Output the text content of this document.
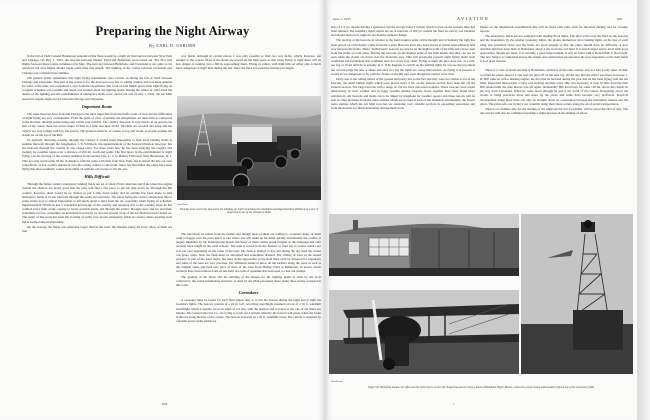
Preparing the Night Airway
By EARL D. OSBORN

In the fall of 1924 Colonel Henderson announced that there would be a night air mail service between New York and Chicago. On May 1, 1925, the beacons between Hadley Field and Bellefonte were tested out. The first trial flights between these points commenced in May. The next leg between Bellefonte and Cleveland is not quite so far advanced but trial flights should begin some time this month. The lighting of the course between Cleveland and Chicago was completed last summer.

The general public remembers that night flying experiments were carried on during the fall of 1923 between Chicago and Cheyenne. This part of the course is for the most part over flat or rolling country and was most suitable for what, at the time, was considered a very doubtful experiment. The work of trial flights proved that night flying on a regular schedule was possible and much was learned about the lighting needs. During the winter of 1923-1924 the details of the lighting and the establishment of emergency fields were carried out and on July 1, 1924, the Air Mail started its regular night service between Chicago and Cheyenne.

Important Route

The route between New York and Chicago is the most important from the traffic point of view but the difficulties of night flying are very considerable. From the point of view of altitude the Alleghenies are mere hills as compared to the Rockies, the high points being only a little over 2,000 ft. The country, however, is very much cut up and on one part of the course there are seven ranges of hills in a little less than 50 mi. The hills are wooded and steep and the valleys are very rolling with few flat spaces. The greatest obstacle, of course, is fog and cloud, as in bad weather the clouds lie on the top of the hills.

To anybody motoring casually through the country it would seem impossible to find level landing fields at suitable intervals through the Alleghenies. J. E. Whitbeck, the superintendent of the Eastern Division, however, has not motored through the country in any casual style. For three years now he has been studying the country and looking for possible routes over a distance of 200 mi. north and south. The first move in the establishment of night flying was the moving of the eastern terminus from Garden City, L. I., to Hadley Field near New Brunswick, N. J. This not only saved some 50 mi. in distance with the same train time from New York, but it started the line out over some 80 mi. of flat country instead of over the rolling country to the north. Since last November the pilots have been flying this more southerly course and joining up with the old course at 110 mi. out.

Hills Difficult

Through the flatter country emergency landing fields are set at about 25 mi. intervals and if the plane has engine trouble the chances are pretty good that the pilot will find a fair place to put his ship down in. Through the hill country, however, there would be no chance to put a ship down safely and an attempt has been made to find emergency fields at 10 mi. intervals through the really bad stretches. The pilots flying the course complicated this to some extent as it is almost impossible to tell much about a field from the air, especially when flying on schedule. Superintendent Whitbeck has a wonderful knowledge of the country and applying this to the existing maps he has combed every mile of the country to locate possible fields. All through the winter, through snow and ice and mud, sometimes on foot, sometimes on horseback but mostly by auto the ground work of the Air Mail has been carried on. The result of this work has been the locating of really very decent emergency fields in country where locating such fields seemed almost impossible.

On the average the fields run somewhat larger than in the west, the smallest being 26 acres. Most of them are four

way fields, although in certain places it was only possible to find two way fields, which, however, run parallel to the course. Most of the fields are placed on the high spots so that when flying at night there will be less danger of running into a hill in approaching them. Flying in valleys with high hills on either side is much more dangerous at night than during the day. Once the field is located the fun has just begun.

Staff Photo
Showing local contractor who erects the building, air mail truck doing the installation and Superintendent Whitbeck on a tour of inspection at one of the emergency fields

The land must be rented from the farmer and though most of them are willing to cooperate many of them want to haggle over the price and it is rare where one will make up his mind quickly. Incidentally the country is largely inhabited by the Pennsylvania Dutch and many of them cannot speak English as this language has only recently been taught in the rural schools. The land is leased from the farmers at from ten to twelve dollars per acre per year depending on the value of the land. The farm is planted to hay and during the day time the owner can graze cattle. Near the field must be smoothed and sometimes drained. The cutting of trees in the leased property is part of the lease terms, but trees in the approaches to the field must each be dickered for separately and some of the trees are very precious. Mr. Whitbeck seems to know all the farmers along the route as well as the original value and final sale price of most of the trees from Hadley Field to Bellefonte. In places whole orchards have been removed and on one field two tons of dynamite has been used to clear out stumps.

The grading of the fields and the building of the houses for the lighting plants is done by the local contractors, the actual installation, however, is done by Air Mail personnel, there being three trucks occupied in this work.

Caretakers

A caretaker must be found for each field whose duty is to run the beacon during the night and to light the boundary lights. The beacon consists of a 24 in. G.E. revolving searchlight mounted on top of a 50 ft. windmill searchlight which is usually set at an angle of 2.5 deg. with the horizon and revolves at the rate of six times per minute. The General Electric Co. are trying to work out a system whereby the beacon will pause when the beam is thrown along the line of the course. The beacon is placed on a 50 ft. windmill tower. The current is supplied by a Kohler power plant which are

604
June 1, 1925	AVIATION	605

sists of a 4 cyl. engine driving a generator, but the storage battery system which is used on the western lines has been omitted. The boundary lights which are set at intervals of 300 yd. around the field are run by wet batteries and should burn every night for six months without change.

The placing of the beacons in relation to the field requires quite a little thought and at Sunbury the light has been placed on a hill nearly a mile from the course. Beacons have also been placed at points approximately half way between the fields. These "In Between" beacons are placed on the highest point of the hills and can be seen from the fields on both sides. Placing the beacons on the highest point of the hills means that they can not be seen when the clouds are down over the mountain tops. This will practically prevent night flying under such conditions but fortunately this condition does not occur very often. Flying at night the pilot does not, as a rule, see fog or cloud until he is actually in it. If he happens to switch on his landing lights he can see the fog ahead but can not judge the size or shape and once in a fog the lights are worse than useless. As flying is at present, it would be too dangerous to fly with the clouds on the hill tops even though the valleys were clear.

Partly due to the rolling nature of the ground and partly due to the fact that they were not visible as far as the beacons, the small blinker lights which were placed every 3 mi. on the western section have been left off the Eastern section. The large beacons with a range of 150 mi. have also been doubled. These beacons were found unnecessary in clear weather and in foggy weather smaller beacons closer together have been found more satisfactory. All beacons and fields are to be linked by telephone for weather reports and these reports will be sent to other divisions from the radio stations which are located at each of the terminals. Incidentally, the fastest radio stations which the Air Mail now has are rendering very valuable services in expediting operations and form the nucleus for much interesting development work.

Planes on the Monmouth experimental line will be fitted with radio both for direction finding and for weather reports.

The emergency fields are not equipped with landing flood lights. The pilot will locate the field by the beacons and the boundaries by the smaller boundary lights, the planes themselves have landing lights on the tips of each wing and parachute flares and the fields are good enough so that the pilots should have no difficulty. A new terminal field has been built at Bellefonte about 2 mi. from the old field. It is much larger and is level with good approaches, though not ideal, it is certainly a great improvement. It will be fitted with a French B.B.T. flood light. The new hangar is completed and as the design and construction incorporates the past experience at the mail fields it is of great interest.

There is a crew of about ten men at Bellefonte, exclusive of the radio station, and as a rule it only takes 10 min. to refuel the plane, inspect it and start the pilot off on the next leg. On the day that the writer was there, however, J. D. Hill came in with a missing engine, the first that he had had during the year that he has been flying with the Air Mail. Inspection showed that a valve was sticking and that a new ship was necessary. It took 10 min. from the time Hill landed until the time that he was off again. Incidentally Hill had flown for some 120 mi. above the clouds on his way from Cleveland. When he came down through he was 6 mi. north of the course. Navigating above the clouds is being practiced more and more by the pilots and some have become very proficient. Practical development along these lines can only be brought about by cooperation between the instrument makers and the pilots. The pilots who are trying it are certainly doing their share to help along the art of aerial transportation.

There is no definite date for the starting of the night service but it probably will be about the first of July. The day service will also be continued requiring a slight increase in the number of pilots.

Staff Photos
Upper left: Bellefonte hangar, the office and the roller doors. Lower left: Inspecting and servicing a plane at Bellefonte. Right: Beacon, wind cone, power house and boundary light at one of the emergency fields
1
